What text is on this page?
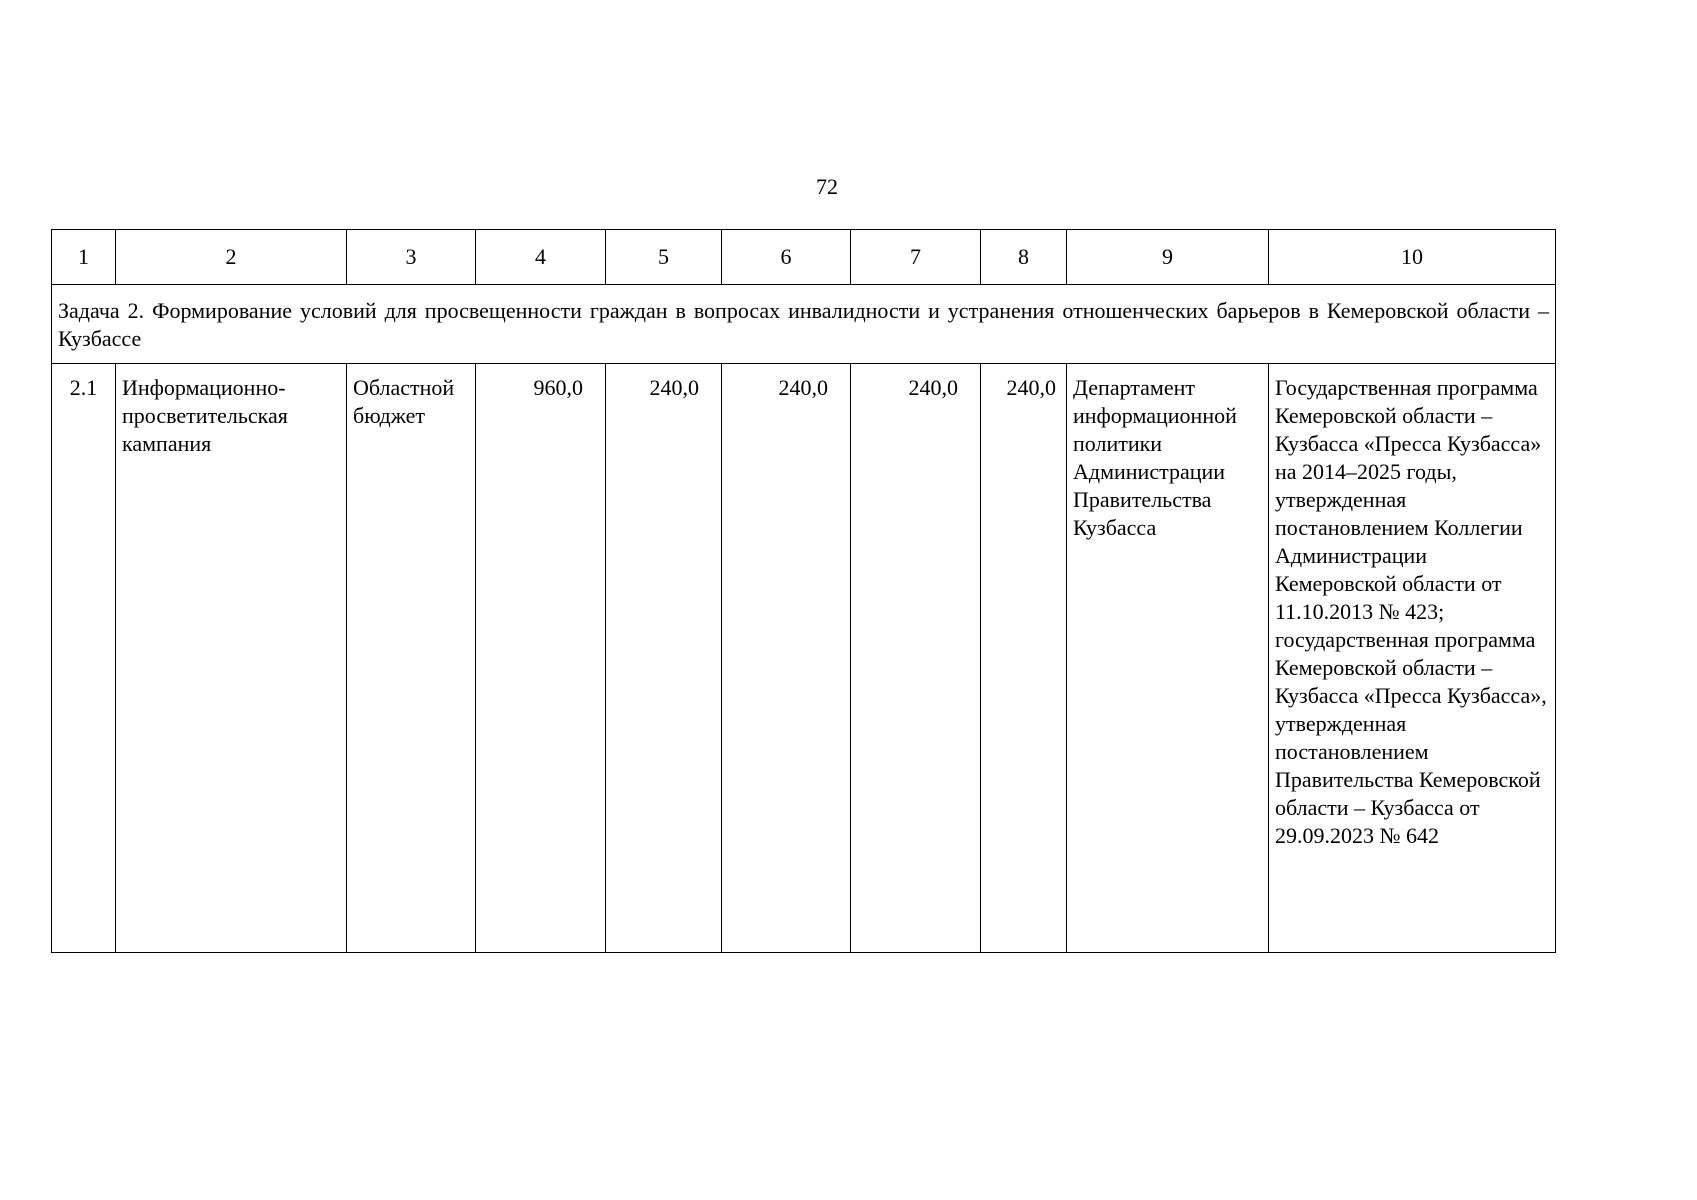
72
1	2	3	4	5	6	7	8	9	10
Задача 2. Формирование условий для просвещенности граждан в вопросах инвалидности и устранения отношенческих барьеров в Кемеровской области – Кузбассе									
2.1	Информационно-просветительская кампания	Областной бюджет	960,0	240,0	240,0	240,0	240,0	Департамент информационной политики Администрации Правительства Кузбасса	Государственная программа Кемеровской области – Кузбасса «Пресса Кузбасса» на 2014–2025 годы, утвержденная постановлением Коллегии Администрации Кемеровской области от 11.10.2013 № 423; государственная программа Кемеровской области – Кузбасса «Пресса Кузбасса», утвержденная постановлением Правительства Кемеровской области – Кузбасса от 29.09.2023 № 642
